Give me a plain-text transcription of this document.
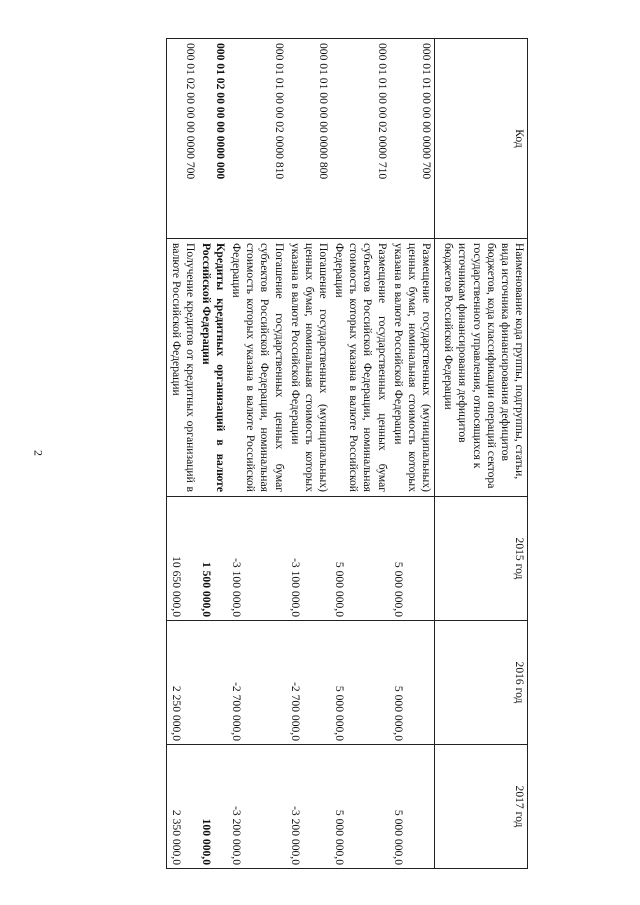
2
Код	Наименование кода группы, подгруппы, статьи, вида источника финансирования дефицитов бюджетов, кода классификации операций сектора государственного управления, относящихся к источникам финансирования дефицитов бюджетов Российской Федерации	2015 год	2016 год	2017 год
000 01 01 00 00 00 0000 700	Размещение государственных (муниципальных) ценных бумаг, номинальная стоимость которых указана в валюте Российской Федерации	5 000 000,0	5 000 000,0	5 000 000,0
000 01 01 00 00 02 0000 710	Размещение государственных ценных бумаг субъектов Российской Федерации, номинальная стоимость которых указана в валюте Российской Федерации	5 000 000,0	5 000 000,0	5 000 000,0
000 01 01 00 00 00 0000 800	Погашение государственных (муниципальных) ценных бумаг, номинальная стоимость которых указана в валюте Российской Федерации	-3 100 000,0	-2 700 000,0	-3 200 000,0
000 01 01 00 00 02 0000 810	Погашение государственных ценных бумаг субъектов Российской Федерации, номинальная стоимость которых указана в валюте Российской Федерации	-3 100 000,0	-2 700 000,0	-3 200 000,0
000 01 02 00 00 00 0000 000	Кредиты кредитных организаций в валюте Российской Федерации	1 500 000,0		100 000,0
000 01 02 00 00 00 0000 700	Получение кредитов от кредитных организаций в валюте Российской Федерации	10 650 000,0	2 250 000,0	2 350 000,0
